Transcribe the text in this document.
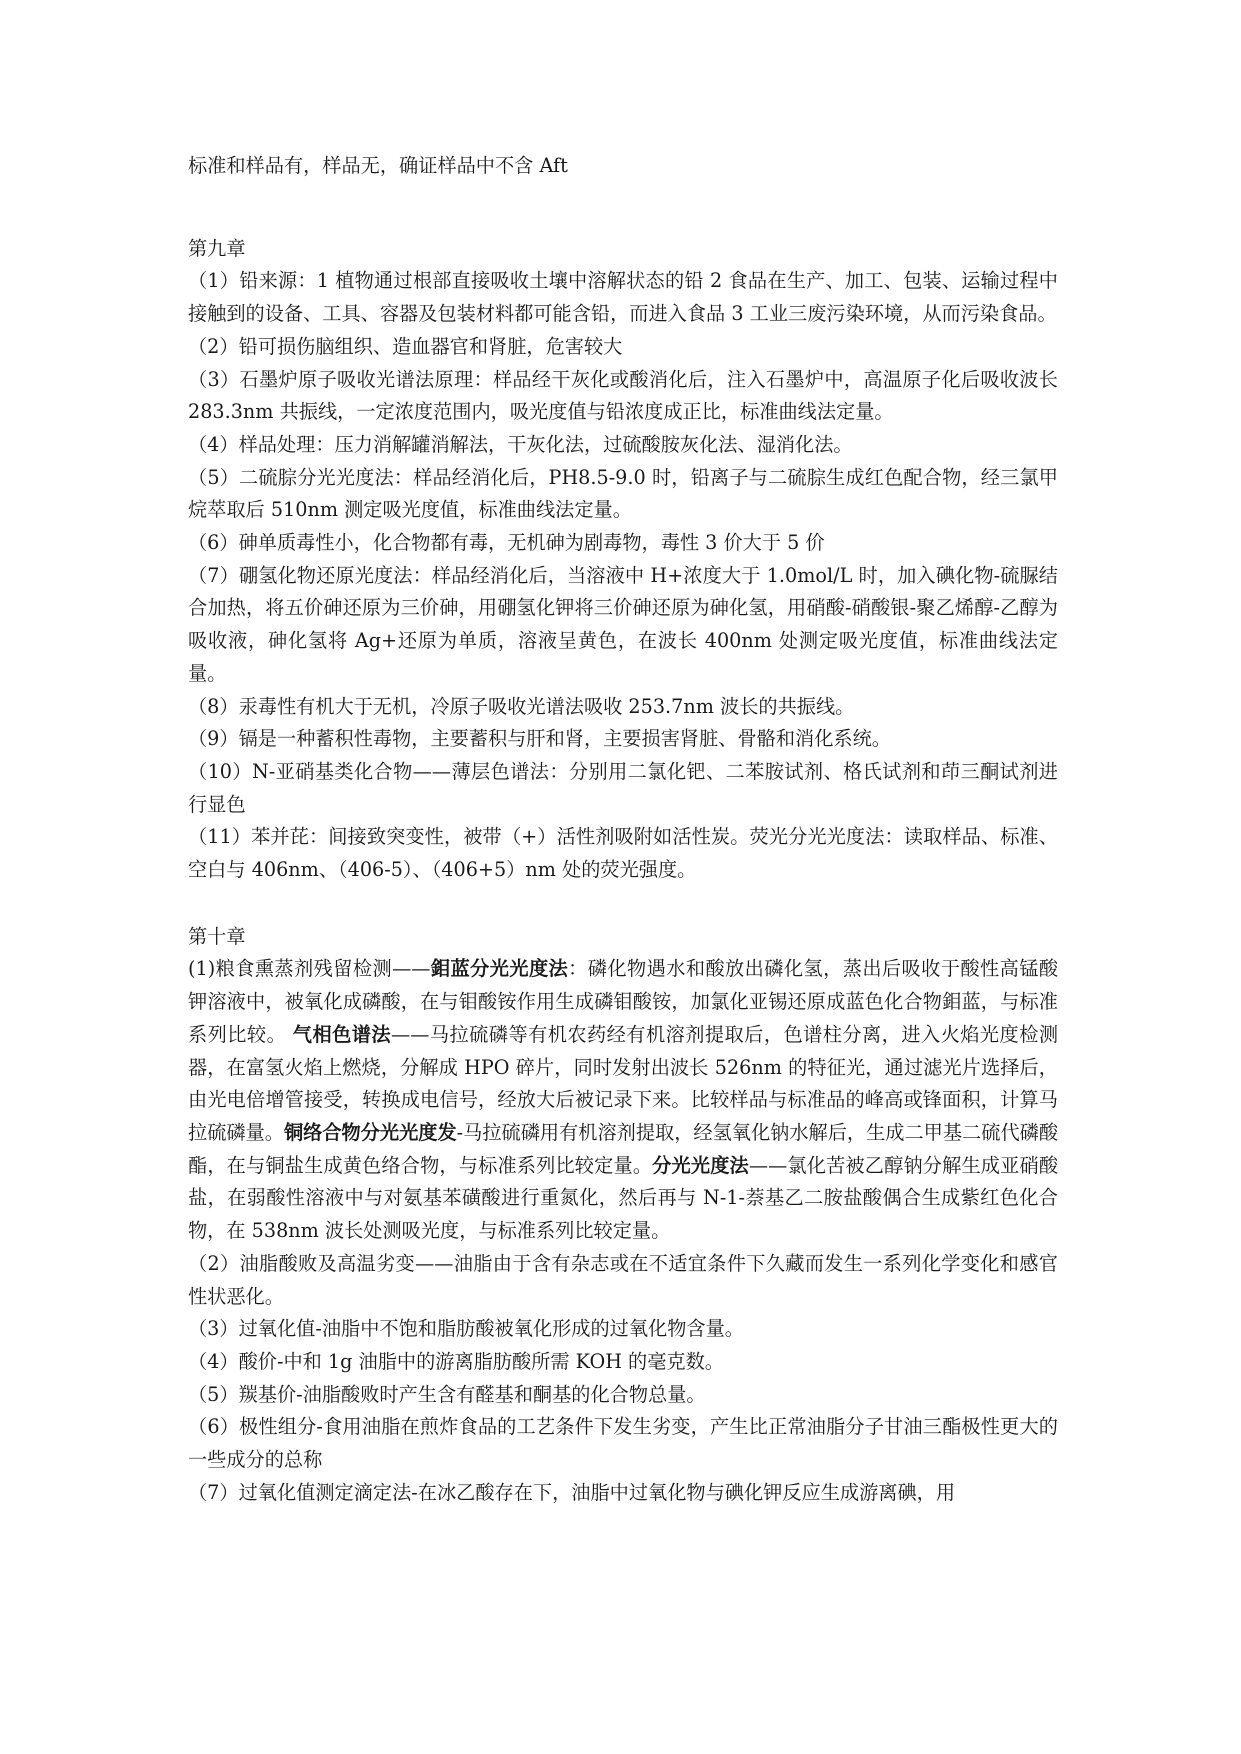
标准和样品有，样品无，确证样品中不含 Aft

第九章

（1）铅来源：1 植物通过根部直接吸收土壤中溶解状态的铅 2 食品在生产、加工、包装、运输过程中接触到的设备、工具、容器及包装材料都可能含铅，而进入食品 3 工业三废污染环境，从而污染食品。

（2）铅可损伤脑组织、造血器官和肾脏，危害较大

（3）石墨炉原子吸收光谱法原理：样品经干灰化或酸消化后，注入石墨炉中，高温原子化后吸收波长 283.3nm 共振线，一定浓度范围内，吸光度值与铅浓度成正比，标准曲线法定量。

（4）样品处理：压力消解罐消解法，干灰化法，过硫酸胺灰化法、湿消化法。

（5）二硫腙分光光度法：样品经消化后，PH8.5-9.0 时，铅离子与二硫腙生成红色配合物，经三氯甲烷萃取后 510nm 测定吸光度值，标准曲线法定量。

（6）砷单质毒性小，化合物都有毒，无机砷为剧毒物，毒性 3 价大于 5 价

（7）硼氢化物还原光度法：样品经消化后，当溶液中 H+浓度大于 1.0mol/L 时，加入碘化物-硫脲结合加热，将五价砷还原为三价砷，用硼氢化钾将三价砷还原为砷化氢，用硝酸-硝酸银-聚乙烯醇-乙醇为吸收液，砷化氢将 Ag+还原为单质，溶液呈黄色，在波长 400nm 处测定吸光度值，标准曲线法定量。

（8）汞毒性有机大于无机，冷原子吸收光谱法吸收 253.7nm 波长的共振线。

（9）镉是一种蓄积性毒物，主要蓄积与肝和肾，主要损害肾脏、骨骼和消化系统。

（10）N-亚硝基类化合物——薄层色谱法：分别用二氯化钯、二苯胺试剂、格氏试剂和茚三酮试剂进行显色

（11）苯并芘：间接致突变性，被带（+）活性剂吸附如活性炭。荧光分光光度法：读取样品、标准、空白与 406nm、（406-5）、（406+5）nm 处的荧光强度。

第十章

(1)粮食熏蒸剂残留检测——鉬蓝分光光度法：磷化物遇水和酸放出磷化氢，蒸出后吸收于酸性高锰酸钾溶液中，被氧化成磷酸，在与钼酸铵作用生成磷钼酸铵，加氯化亚锡还原成蓝色化合物鉬蓝，与标准系列比较。 气相色谱法——马拉硫磷等有机农药经有机溶剂提取后，色谱柱分离，进入火焰光度检测器，在富氢火焰上燃烧，分解成 HPO 碎片，同时发射出波长 526nm 的特征光，通过滤光片选择后，由光电倍增管接受，转换成电信号，经放大后被记录下来。比较样品与标准品的峰高或锋面积，计算马拉硫磷量。铜络合物分光光度发-马拉硫磷用有机溶剂提取，经氢氧化钠水解后，生成二甲基二硫代磷酸酯，在与铜盐生成黄色络合物，与标准系列比较定量。分光光度法——氯化苦被乙醇钠分解生成亚硝酸盐，在弱酸性溶液中与对氨基苯磺酸进行重氮化，然后再与 N-1-萘基乙二胺盐酸偶合生成紫红色化合物，在 538nm 波长处测吸光度，与标准系列比较定量。

（2）油脂酸败及高温劣变——油脂由于含有杂志或在不适宜条件下久藏而发生一系列化学变化和感官性状恶化。

（3）过氧化值-油脂中不饱和脂肪酸被氧化形成的过氧化物含量。

（4）酸价-中和 1g 油脂中的游离脂肪酸所需 KOH 的毫克数。

（5）羰基价-油脂酸败时产生含有醛基和酮基的化合物总量。

（6）极性组分-食用油脂在煎炸食品的工艺条件下发生劣变，产生比正常油脂分子甘油三酯极性更大的一些成分的总称

（7）过氧化值测定滴定法-在冰乙酸存在下，油脂中过氧化物与碘化钾反应生成游离碘，用
